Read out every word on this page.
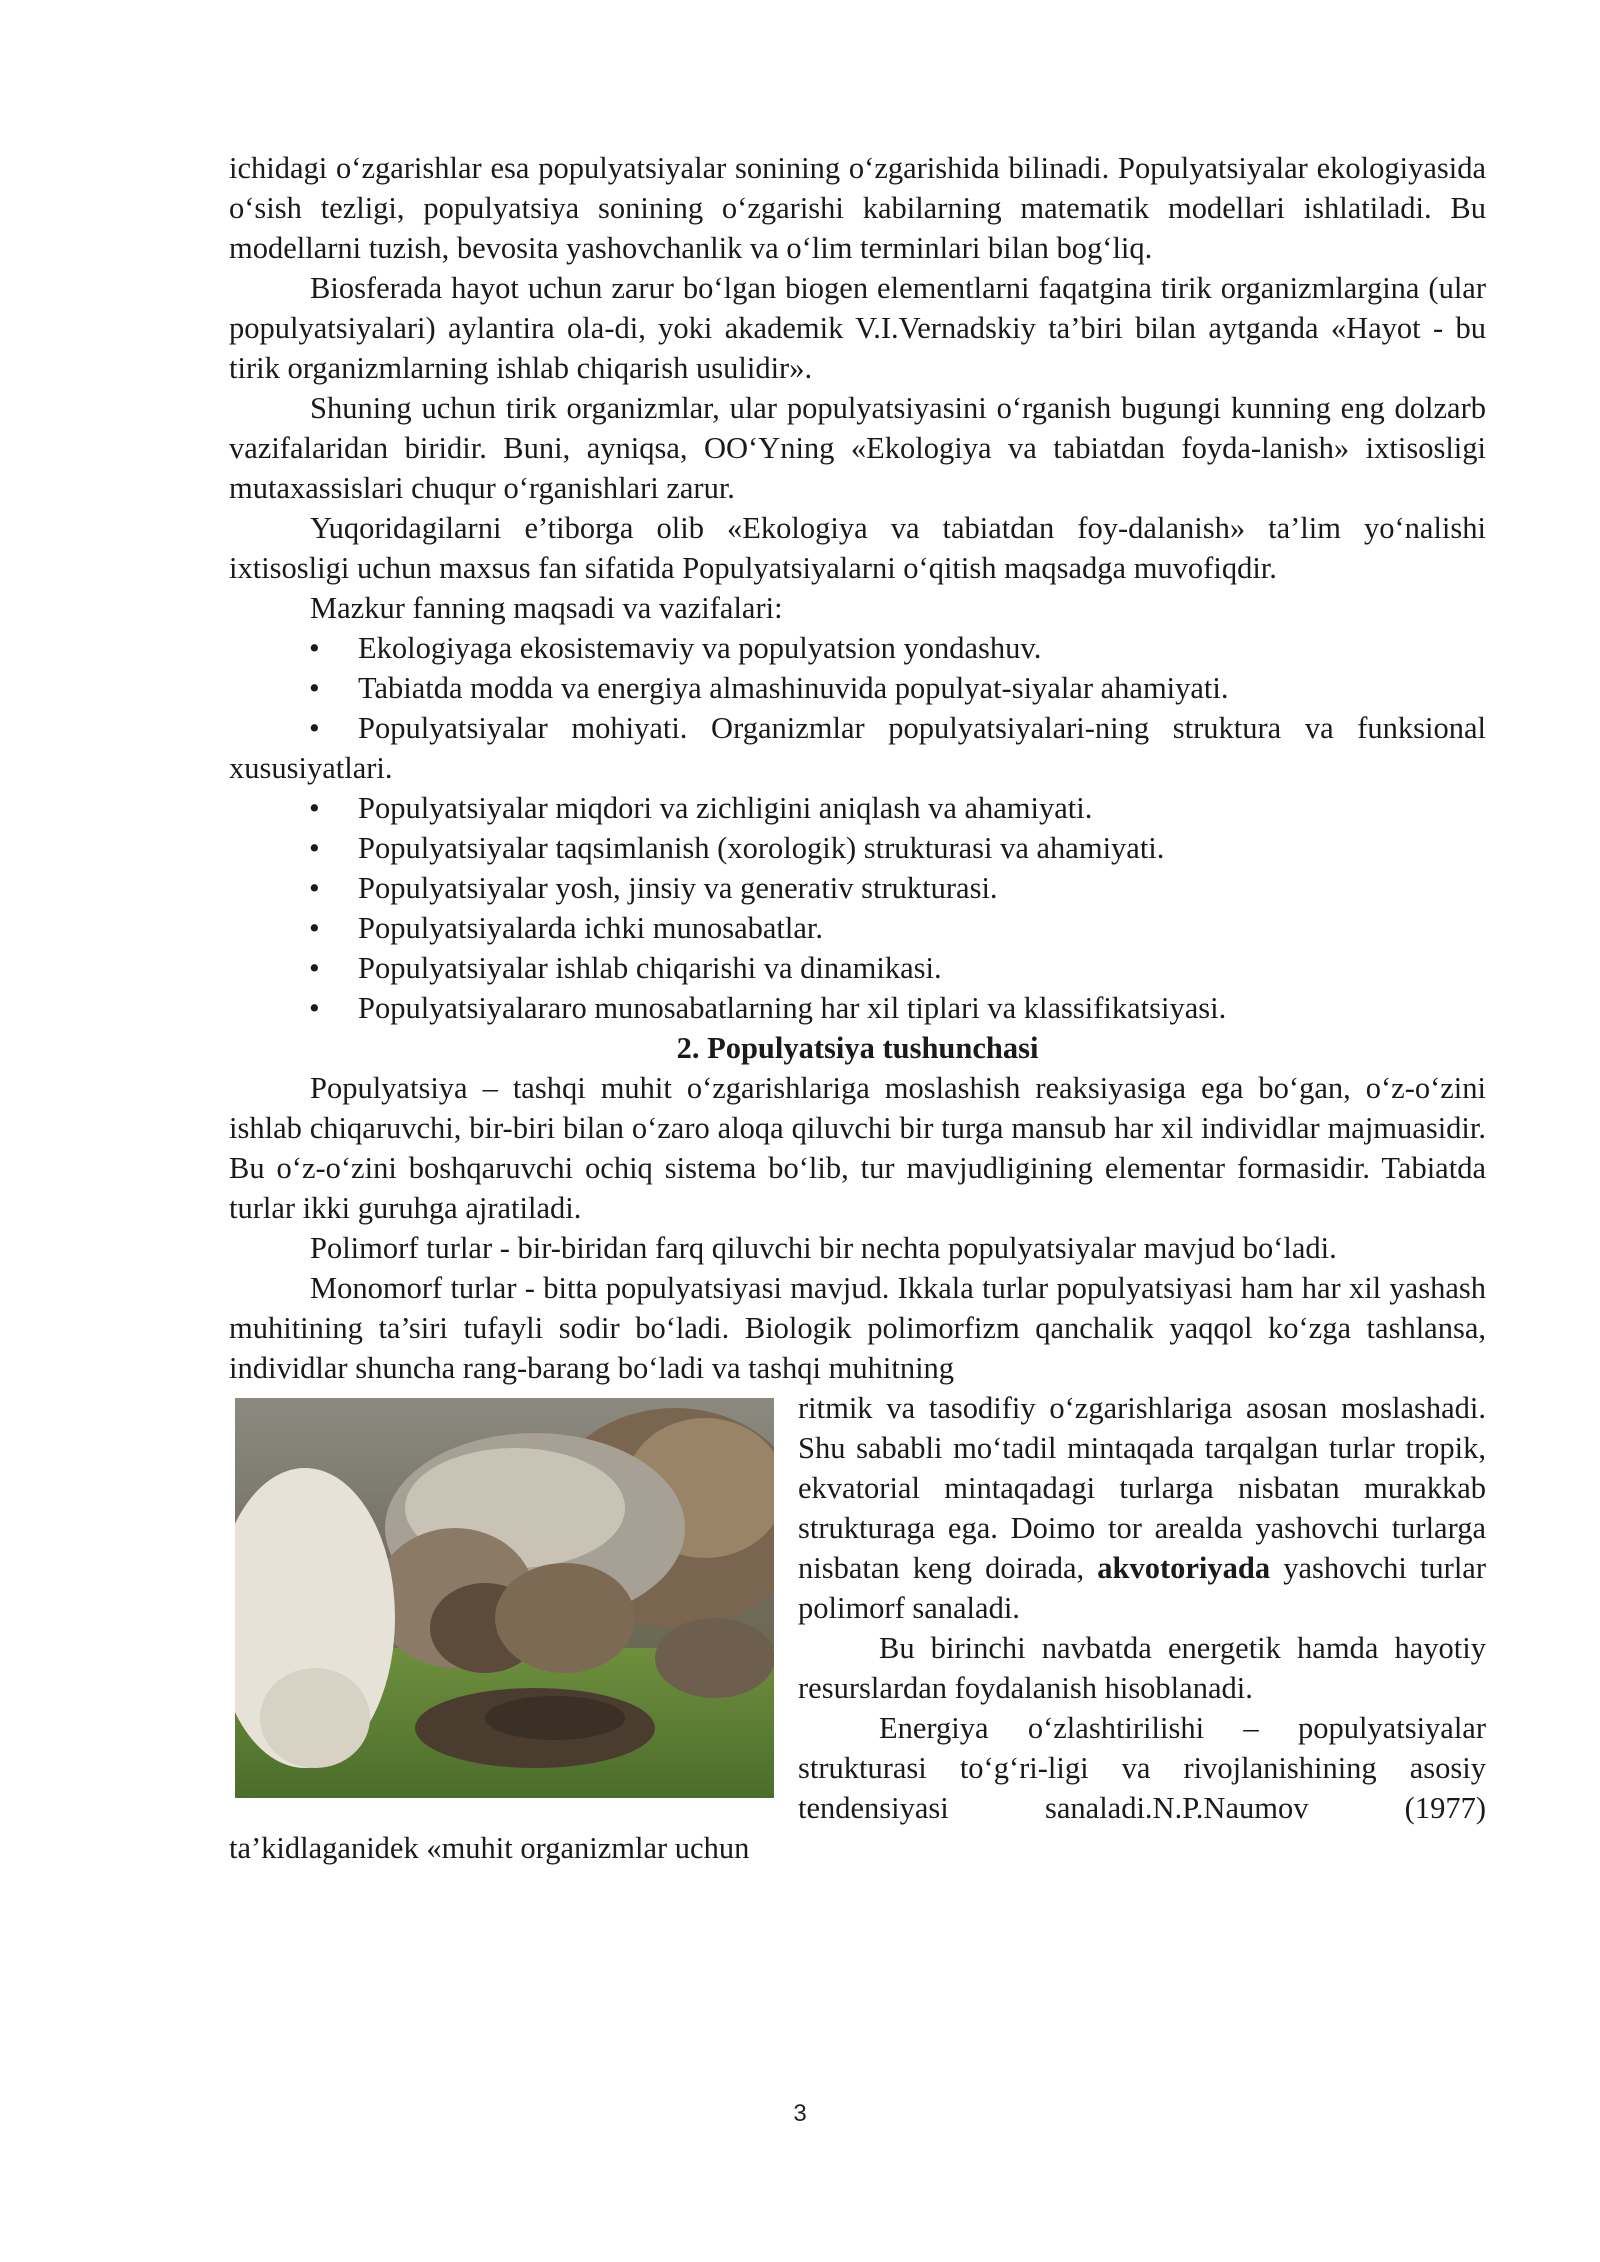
ichidagi o‘zgarishlar esa populyatsiyalar sonining o‘zgarishida bilinadi. Populyatsiyalar ekologiyasida o‘sish tezligi, populyatsiya sonining o‘zgarishi kabilarning matematik modellari ishlatiladi. Bu modellarni tuzish, bevosita yashovchanlik va o‘lim terminlari bilan bog‘liq.

Biosferada hayot uchun zarur bo‘lgan biogen elementlarni faqatgina tirik organizmlargina (ular populyatsiyalari) aylantira ola-di, yoki akademik V.I.Vernadskiy ta’biri bilan aytganda «Hayot - bu tirik organizmlarning ishlab chiqarish usulidir».

Shuning uchun tirik organizmlar, ular populyatsiyasini o‘rganish bugungi kunning eng dolzarb vazifalaridan biridir. Buni, ayniqsa, OO‘Yning «Ekologiya va tabiatdan foyda-lanish» ixtisosligi mutaxassislari chuqur o‘rganishlari zarur.

Yuqoridagilarni e’tiborga olib «Ekologiya va tabiatdan foy-dalanish» ta’lim yo‘nalishi ixtisosligi uchun maxsus fan sifatida Populyatsiyalarni o‘qitish maqsadga muvofiqdir.

Mazkur fanning maqsadi va vazifalari:

• Ekologiyaga ekosistemaviy va populyatsion yondashuv.
• Tabiatda modda va energiya almashinuvida populyat-siyalar ahamiyati.
• Populyatsiyalar mohiyati. Organizmlar populyatsiyalari-ning struktura va funksional xususiyatlari.
• Populyatsiyalar miqdori va zichligini aniqlash va ahamiyati.
• Populyatsiyalar taqsimlanish (xorologik) strukturasi va ahamiyati.
• Populyatsiyalar yosh, jinsiy va generativ strukturasi.
• Populyatsiyalarda ichki munosabatlar.
• Populyatsiyalar ishlab chiqarishi va dinamikasi.
• Populyatsiyalararo munosabatlarning har xil tiplari va klassifikatsiyasi.

2. Populyatsiya tushunchasi

Populyatsiya – tashqi muhit o‘zgarishlariga moslashish reaksiyasiga ega bo‘gan, o‘z-o‘zini ishlab chiqaruvchi, bir-biri bilan o‘zaro aloqa qiluvchi bir turga mansub har xil individlar majmuasidir. Bu o‘z-o‘zini boshqaruvchi ochiq sistema bo‘lib, tur mavjudligining elementar formasidir. Tabiatda turlar ikki guruhga ajratiladi.

Polimorf turlar - bir-biridan farq qiluvchi bir nechta populyatsiyalar mavjud bo‘ladi.

Monomorf turlar - bitta populyatsiyasi mavjud. Ikkala turlar populyatsiyasi ham har xil yashash muhitining ta’siri tufayli sodir bo‘ladi. Biologik polimorfizm qanchalik yaqqol ko‘zga tashlansa, individlar shuncha rang-barang bo‘ladi va tashqi muhitning

ritmik va tasodifiy o‘zgarishlariga asosan moslashadi. Shu sababli mo‘tadil mintaqada tarqalgan turlar tropik, ekvatorial mintaqadagi turlarga nisbatan murakkab strukturaga ega. Doimo tor arealda yashovchi turlarga nisbatan keng doirada, akvotoriyada yashovchi turlar polimorf sanaladi.

Bu birinchi navbatda energetik hamda hayotiy resurslardan foydalanish hisoblanadi.

Energiya o‘zlashtirilishi – populyatsiyalar strukturasi to‘g‘ri-ligi va rivojlanishining asosiy tendensiyasi sanaladi.N.P.Naumov (1977) ta’kidlaganidek «muhit organizmlar uchun

3
